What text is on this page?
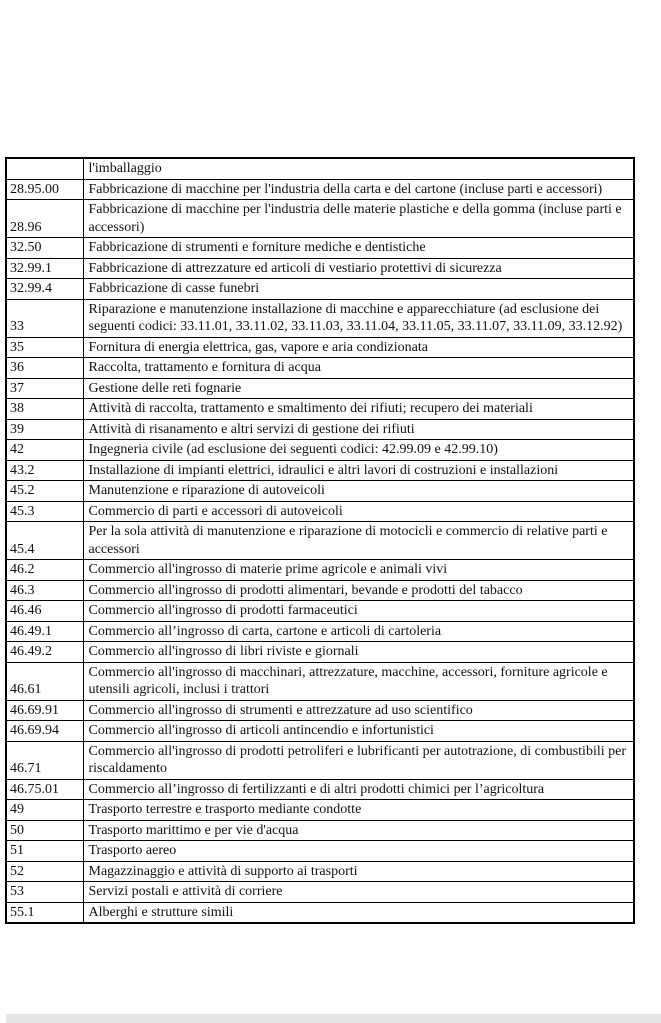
	l'imballaggio
28.95.00	Fabbricazione di macchine per l'industria della carta e del cartone (incluse parti e accessori)
28.96	Fabbricazione di macchine per l'industria delle materie plastiche e della gomma (incluse parti e accessori)
32.50	Fabbricazione di strumenti e forniture mediche e dentistiche
32.99.1	Fabbricazione di attrezzature ed articoli di vestiario protettivi di sicurezza
32.99.4	Fabbricazione di casse funebri
33	Riparazione e manutenzione installazione di macchine e apparecchiature (ad esclusione dei seguenti codici: 33.11.01, 33.11.02, 33.11.03, 33.11.04, 33.11.05, 33.11.07, 33.11.09, 33.12.92)
35	Fornitura di energia elettrica, gas, vapore e aria condizionata
36	Raccolta, trattamento e fornitura di acqua
37	Gestione delle reti fognarie
38	Attività di raccolta, trattamento e smaltimento dei rifiuti; recupero dei materiali
39	Attività di risanamento e altri servizi di gestione dei rifiuti
42	Ingegneria civile (ad esclusione dei seguenti codici: 42.99.09 e 42.99.10)
43.2	Installazione di impianti elettrici, idraulici e altri lavori di costruzioni e installazioni
45.2	Manutenzione e riparazione di autoveicoli
45.3	Commercio di parti e accessori di autoveicoli
45.4	Per la sola attività di manutenzione e riparazione di motocicli e commercio di relative parti e accessori
46.2	Commercio all'ingrosso di materie prime agricole e animali vivi
46.3	Commercio all'ingrosso di prodotti alimentari, bevande e prodotti del tabacco
46.46	Commercio all'ingrosso di prodotti farmaceutici
46.49.1	Commercio all’ingrosso di carta, cartone e articoli di cartoleria
46.49.2	Commercio all'ingrosso di libri riviste e giornali
46.61	Commercio all'ingrosso di macchinari, attrezzature, macchine, accessori, forniture agricole e utensili agricoli, inclusi i trattori
46.69.91	Commercio all'ingrosso di strumenti e attrezzature ad uso scientifico
46.69.94	Commercio all'ingrosso di articoli antincendio e infortunistici
46.71	Commercio all'ingrosso di prodotti petroliferi e lubrificanti per autotrazione, di combustibili per riscaldamento
46.75.01	Commercio all’ingrosso di fertilizzanti e di altri prodotti chimici per l’agricoltura
49	Trasporto terrestre e trasporto mediante condotte
50	Trasporto marittimo e per vie d'acqua
51	Trasporto aereo
52	Magazzinaggio e attività di supporto ai trasporti
53	Servizi postali e attività di corriere
55.1	Alberghi e strutture simili
